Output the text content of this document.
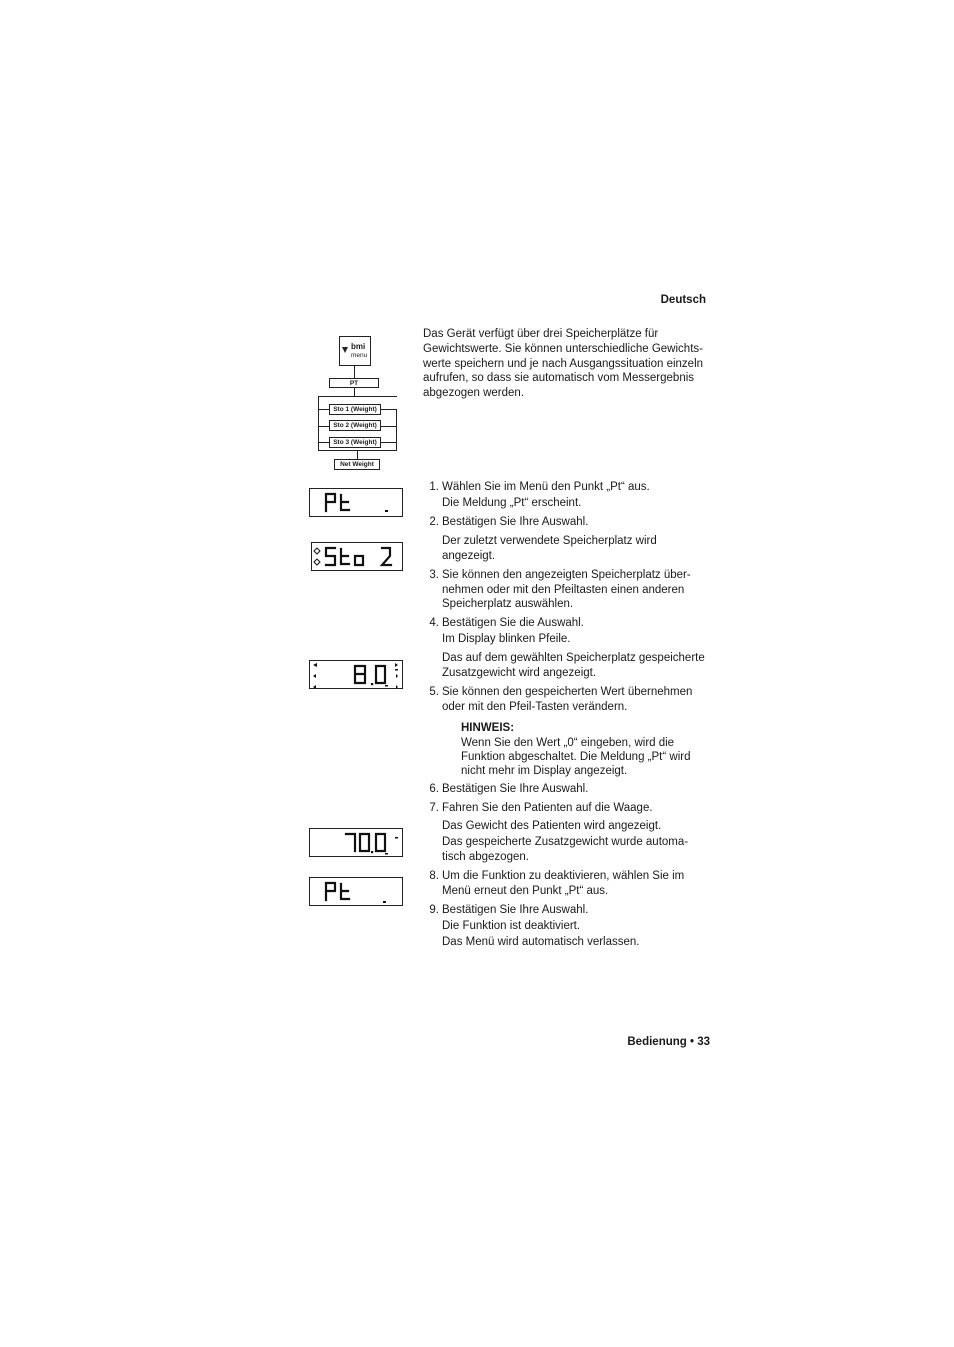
Deutsch
Bedienung • 33
Das Gerät verfügt über drei Speicherplätze für Gewichtswerte. Sie können unterschiedliche Gewichts-werte speichern und je nach Ausgangssituation einzeln aufrufen, so dass sie automatisch vom Messergebnis abgezogen werden.
bmi
menu
PT
Sto 1 (Weight)
Sto 2 (Weight)
Sto 3 (Weight)
Net Weight
1. Wählen Sie im Menü den Punkt „Pt“ aus.
Die Meldung „Pt“ erscheint.
2. Bestätigen Sie Ihre Auswahl.
Der zuletzt verwendete Speicherplatz wird
angezeigt.
3. Sie können den angezeigten Speicherplatz über-
nehmen oder mit den Pfeiltasten einen anderen
Speicherplatz auswählen.
4. Bestätigen Sie die Auswahl.
Im Display blinken Pfeile.
Das auf dem gewählten Speicherplatz gespeicherte
Zusatzgewicht wird angezeigt.
5. Sie können den gespeicherten Wert übernehmen
oder mit den Pfeil-Tasten verändern.
HINWEIS:
Wenn Sie den Wert „0“ eingeben, wird die
Funktion abgeschaltet. Die Meldung „Pt“ wird
nicht mehr im Display angezeigt.
6. Bestätigen Sie Ihre Auswahl.
7. Fahren Sie den Patienten auf die Waage.
Das Gewicht des Patienten wird angezeigt.
Das gespeicherte Zusatzgewicht wurde automa-
tisch abgezogen.
8. Um die Funktion zu deaktivieren, wählen Sie im
Menü erneut den Punkt „Pt“ aus.
9. Bestätigen Sie Ihre Auswahl.
Die Funktion ist deaktiviert.
Das Menü wird automatisch verlassen.
